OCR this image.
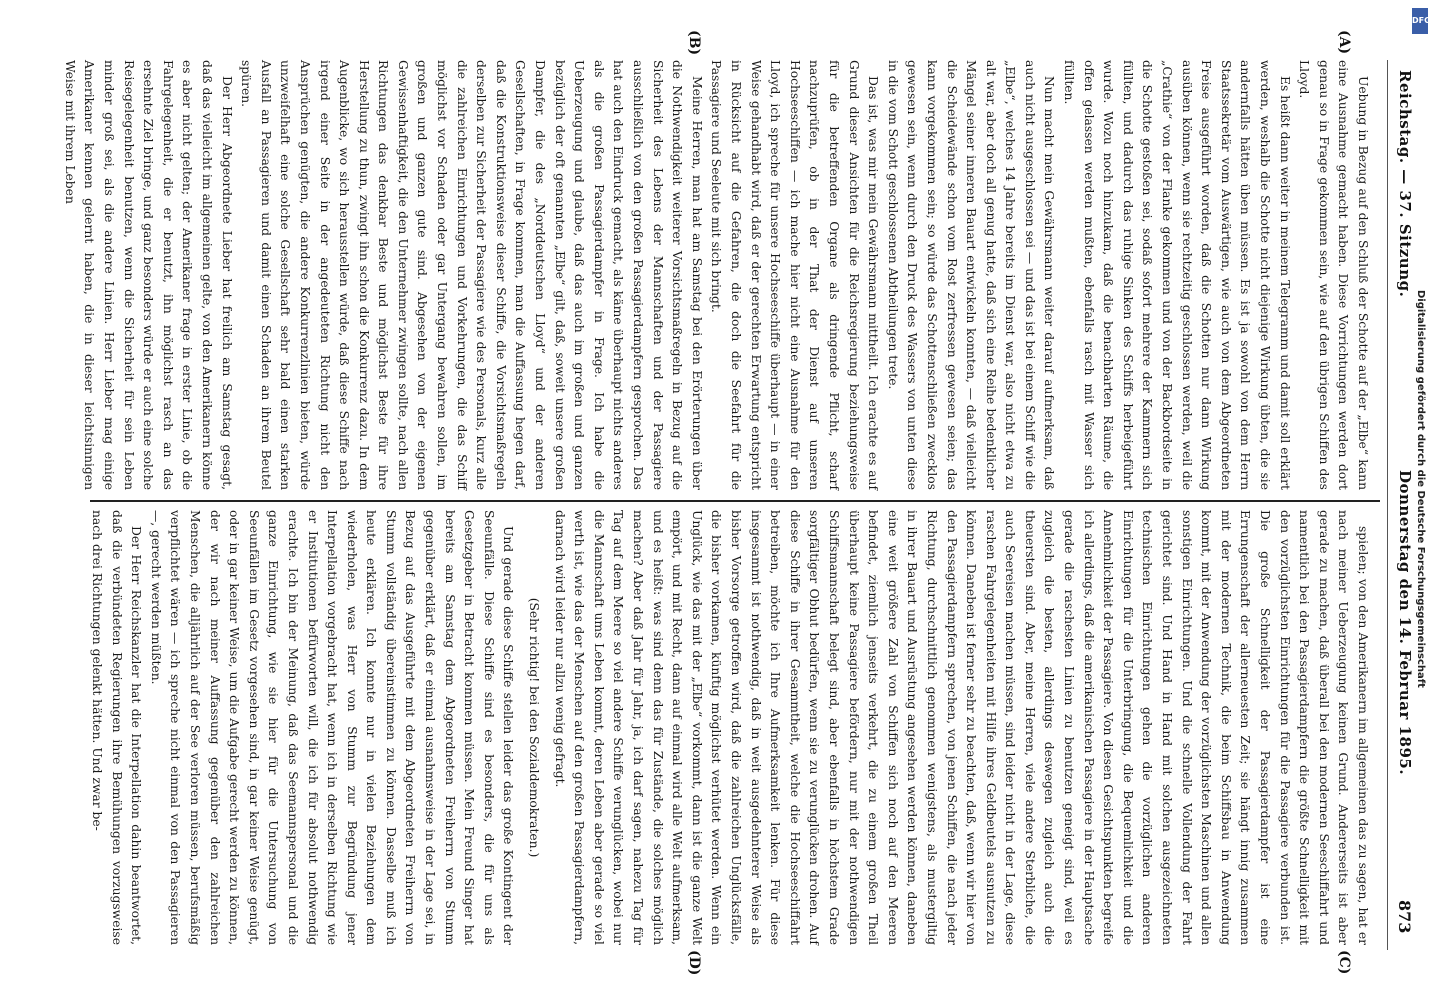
Reichstag. — 37. Sitzung.
Donnerstag den 14. Februar 1895.
873
(A)
(B)
(C)
(D)

Uebung in Bezug auf den Schluß der Schotte auf der „Elbe“ kann eine Ausnahme gemacht haben. Diese Vorrichtungen werden dort genau so in Frage gekommen sein, wie auf den übrigen Schiffen des Lloyd.

Es heißt dann weiter in meinem Telegramm und damit soll erklärt werden, weshalb die Schotte nicht diejenige Wirkung übten, die sie andernfalls hätten üben müssen. Es ist ja sowohl von dem Herrn Staatssekretär vom Auswärtigen, wie auch von dem Abgeordneten Freise ausgeführt worden, daß die Schotten nur dann Wirkung ausüben können, wenn sie rechtzeitig geschlossen werden, weil die „Crathie“ von der Flanke gekommen und von der Backbordseite in die Schotte gestoßen sei, sodaß sofort mehrere der Kammern sich füllten, und dadurch das ruhige Sinken des Schiffs herbeigeführt wurde. Wozu noch hinzukam, daß die benachbarten Räume, die offen gelassen werden mußten, ebenfalls rasch mit Wasser sich füllten.

Nun macht mein Gewährsmann weiter darauf aufmerksam, daß auch nicht ausgeschlossen sei — und das ist bei einem Schiff wie die „Elbe“, welches 14 Jahre bereits im Dienst war, also nicht etwa zu alt war, aber doch all genug hatte, daß sich eine Reihe bedenklicher Mängel seiner inneren Bauart entwickeln konnten, — daß vielleicht die Scheidewände schon vom Rost zerfressen gewesen seien; das kann vorgekommen sein; so würde das Schottenschließen zwecklos gewesen sein, wenn durch den Druck des Wassers von unten diese in die vom Schott geschlossenen Abtheilungen trete.

Das ist, was mir mein Gewährsmann mittheilt. Ich erachte es auf Grund dieser Ansichten für die Reichsregierung beziehungsweise für die betreffenden Organe als dringende Pflicht, scharf nachzuprüfen, ob in der That der Dienst auf unseren Hochseeschiffen — ich mache hier nicht eine Ausnahme für den Lloyd, ich spreche für unsere Hochseeschiffe überhaupt — in einer Weise gehandhabt wird, daß er der gerechten Erwartung entspricht in Rücksicht auf die Gefahren, die doch die Seefahrt für die Passagiere und Seeleute mit sich bringt.

Meine Herren, man hat am Samstag bei den Erörterungen über die Nothwendigkeit weiterer Vorsichtsmaßregeln in Bezug auf die Sicherheit des Lebens der Mannschaften und der Passagiere ausschließlich von den großen Passagierdampfern gesprochen. Das hat auch den Eindruck gemacht, als käme überhaupt nichts anderes als die großen Passagierdampfer in Frage. Ich habe die Ueberzeugung und glaube, daß das auch im großen und ganzen bezüglich der oft genannten „Elbe“ gilt, daß, soweit unsere großen Dampfer, die des „Norddeutschen Lloyd“ und der anderen Gesellschaften, in Frage kommen, man die Auffassung hegen darf, daß die Konstruktionsweise dieser Schiffe, die Vorsichtsmaßregeln derselben zur Sicherheit der Passagiere wie des Personals, kurz alle die zahlreichen Einrichtungen und Vorkehrungen, die das Schiff möglichst vor Schaden oder gar Untergang bewahren sollen, im großen und ganzen gute sind. Abgesehen von der eigenen Gewissenhaftigkeit, die den Unternehmer zwingen sollte, nach allen Richtungen das denkbar Beste und möglichst Beste für ihre Herstellung zu thun, zwingt ihn schon die Konkurrenz dazu. In dem Augenblicke, wo sich herausstellen würde, daß diese Schiffe nach irgend einer Seite in der angedeuteten Richtung nicht den Ansprüchen genügten, die andere Konkurrenzlinien bieten, würde unzweifelhaft eine solche Gesellschaft sehr bald einen starken Ausfall an Passagieren und damit einen Schaden an ihrem Beutel spüren.

Der Herr Abgeordnete Lieber hat freilich am Samstag gesagt, daß das vielleicht im allgemeinen gelte, von den Amerikanern könne es aber nicht gelten; der Amerikaner frage in erster Linie, ob die Fahrgelegenheit, die er benutzt, ihn möglichst rasch an das ersehnte Ziel bringe, und ganz besonders würde er auch eine solche Reisegelegenheit benutzen, wenn die Sicherheit für sein Leben minder groß sei, als die andere Linien. Herr Lieber mag einige Amerikaner kennen gelernt haben, die in dieser leichtsinnigen Weise mit ihrem Leben

spielen; von den Amerikanern im allgemeinen das zu sagen, hat er nach meiner Ueberzeugung keinen Grund. Andererseits ist aber gerade zu machen, daß überall bei den modernen Seeschiffahrt und namentlich bei den Passagierdampfern die größte Schnelligkeit mit den vorzüglichsten Einrichtungen für die Passagiere verbunden ist. Die große Schnelligkeit der Passagierdampfer ist eine Errungenschaft der allerneuesten Zeit; sie hängt innig zusammen mit der modernen Technik, die beim Schiffsbau in Anwendung kommt, mit der Anwendung der vorzüglichsten Maschinen und allen sonstigen Einrichtungen. Und die schnelle Vollendung der Fahrt gerichtet sind. Und Hand in Hand mit solchen ausgezeichneten technischen Einrichtungen gehen die vorzüglichen anderen Einrichtungen für die Unterbringung, die Bequemlichkeit und die Annehmlichkeit der Passagiere. Von diesen Gesichtspunkten begreife ich allerdings, daß die amerikanischen Passagiere in der Hauptsache gerade die raschesten Linien zu benutzen geneigt sind, weil es zugleich die besten, allerdings deswegen zugleich auch die theuersten sind. Aber, meine Herren, viele andere Sterbliche, die auch Seereisen machen müssen, sind leider nicht in der Lage, diese raschen Fahrgelegenheiten mit Hilfe ihres Geldbeutels ausnutzen zu können. Daneben ist ferner sehr zu beachten, daß, wenn wir hier von den Passagierdampfern sprechen, von jenen Schiffen, die nach jeder Richtung, durchschnittlich genommen wenigstens, als mustergiltig in ihrer Bauart und Ausrüstung angesehen werden können, daneben eine weit größere Zahl von Schiffen sich noch auf den Meeren befindet, ziemlich jenseits verkehrt, die zu einem großen Theil überhaupt keine Passagiere befördern, nur mit der nothwendigen Schiffsmannschaft belegt sind, aber ebenfalls in höchstem Grade sorgfältiger Obhut bedürfen, wenn sie zu verunglücken drohen. Auf diese Schiffe in ihrer Gesammtheit, welche die Hochseeschiffahrt betreiben, möchte ich Ihre Aufmerksamkeit lenken. Für diese insgesammt ist nothwendig, daß in weit ausgedehnterer Weise als bisher Vorsorge getroffen wird, daß die zahlreichen Unglücksfälle, die bisher vorkamen, künftig möglichst verhütet werden. Wenn ein Unglück, wie das mit der „Elbe“ vorkommt, dann ist die ganze Welt empört, und mit Recht, dann auf einmal wird alle Welt aufmerksam, und es heißt: was sind denn das für Zustände, die solches möglich machen? Aber daß Jahr für Jahr, ja, ich darf sagen, nahezu Tag für Tag auf dem Meere so viel andere Schiffe verunglücken, wobei nur die Mannschaft ums Leben kommt, deren Leben aber gerade so viel werth ist, wie das der Menschen auf den großen Passagierdampfern, darnach wird leider nur allzu wenig gefragt.

(Sehr richtig! bei den Sozialdemokraten.)

Und gerade diese Schiffe stellen leider das große Kontingent der Seeunfälle. Diese Schiffe sind es besonders, die für uns als Gesetzgeber in Betracht kommen müssen. Mein Freund Singer hat bereits am Samstag dem Abgeordneten Freiherrn von Stumm gegenüber erklärt, daß er einmal ausnahmsweise in der Lage sei, in Bezug auf das Ausgeführte mit dem Abgeordneten Freiherrn von Stumm vollständig übereinstimmen zu können. Dasselbe muß ich heute erklären. Ich konnte nur in vielen Beziehungen dem wiederholen, was Herr von Stumm zur Begründung jener Interpellation vorgebracht hat, wenn ich in derselben Richtung wie er Institutionen befürworten will, die ich für absolut nothwendig erachte. Ich bin der Meinung, daß das Seemannspersonal und die ganze Einrichtung, wie sie hier für die Untersuchung von Seeunfällen im Gesetz vorgesehen sind, in gar keiner Weise genügt, oder in gar keiner Weise, um die Aufgabe gerecht werden zu können, der wir nach meiner Auffassung gegenüber den zahlreichen Menschen, die alljährlich auf der See verloren müssen, berufsmäßig verpflichtet wären — ich spreche nicht einmal von den Passagieren —, gerecht werden müßten.

Der Herr Reichskanzler hat die Interpellation dahin beantwortet, daß die verbündeten Regierungen ihre Bemühungen vorzugsweise nach drei Richtungen gelenkt hätten. Und zwar be-	Digitalisierung gefördert durch die Deutsche Forschungsgemeinschaft
DFG
